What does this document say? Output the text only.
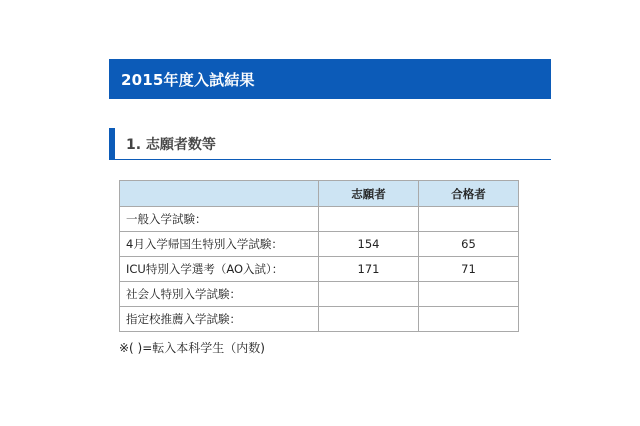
2015年度入試結果
1. 志願者数等
	志願者	合格者
一般入学試験：		
4月入学帰国生特別入学試験：	154	65
ICU特別入学選考（AO入試）：	171	71
社会人特別入学試験：		
指定校推薦入学試験：		
※( )=転入本科学生（内数)
